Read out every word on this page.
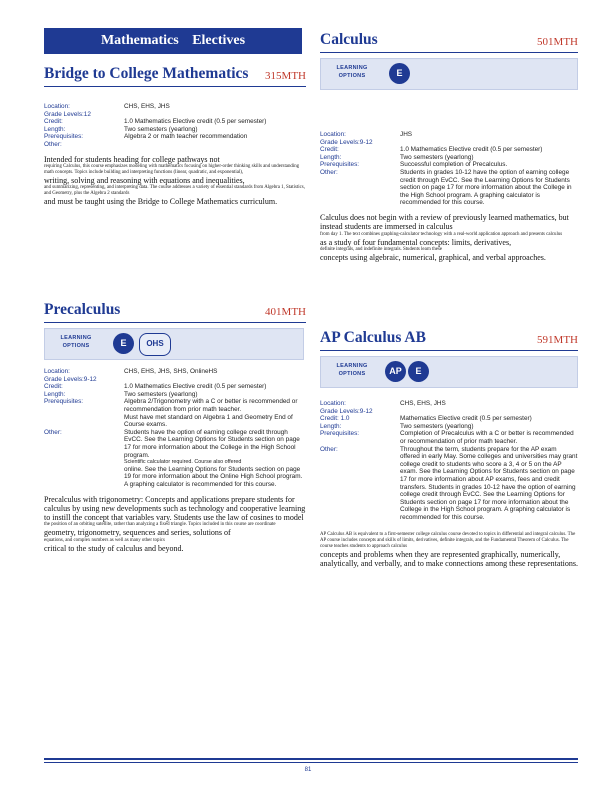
Mathematics Electives
Bridge to College Mathematics 315MTH
Location:	CHS, EHS, JHS
Grade Levels:12
Credit:	1.0 Mathematics Elective credit (0.5 per semester)
Length:	Two semesters (yearlong)
Prerequisites:	Algebra 2 or math teacher recommendation
Other:
Intended for students heading for college pathways not
requiring Calculus, this course emphasizes modeling with mathematics focusing on higher-order thinking skills and understanding math concepts. Topics include building and interpreting functions (linear, quadratic, and exponential),
writing, solving and reasoning with equations and inequalities,
and summarizing, representing, and interpreting data. The course addresses a variety of essential standards from Algebra 1, Statistics, and Geometry, plus the Algebra 2 standards
and must be taught using the Bridge to College Mathematics curriculum.
Precalculus	401MTH
LEARNING OPTIONS	E	OHS
Location:	CHS, EHS, JHS, SHS, OnlineHS
Grade Levels:9-12
Credit:	1.0 Mathematics Elective credit (0.5 per semester)
Length:	Two semesters (yearlong)
Prerequisites:	Algebra 2/Trigonometry with a C or better is recommended or recommendation from prior math teacher.
Must have met standard on Algebra 1 and Geometry End of Course exams.
Other:	Students have the option of earning college credit through EvCC. See the Learning Options for Students section on page 17 for more information about the College in the High School program.
Scientific calculator required. Course also offered
online. See the Learning Options for Students section on page 19 for more information about the Online High School program. A graphing calculator is recommended for this course.
Precalculus with trigonometry: Concepts and applications prepare students for calculus by using new developments such as technology and cooperative learning to instill the concept that variables vary. Students use the law of cosines to model
the position of an orbiting satellite, rather than analyzing a fixed triangle. Topics included in this course are coordinate
geometry, trigonometry, sequences and series, solutions of
equations, and complex numbers as well as many other topics
critical to the study of calculus and beyond.
Calculus	501MTH
LEARNING OPTIONS	E
Location:	JHS
Grade Levels:9-12
Credit:	1.0 Mathematics Elective credit (0.5 per semester)
Length:	Two semesters (yearlong)
Prerequisites:	Successful completion of Precalculus.
Other:	Students in grades 10-12 have the option of earning college credit through EvCC. See the Learning Options for Students section on page 17 for more information about the College in the High School program. A graphing calculator is recommended for this course.
Calculus does not begin with a review of previously learned mathematics, but instead students are immersed in calculus
from day 1. The text combines graphing-calculator technology with a real-world application approach and presents calculus
as a study of four fundamental concepts: limits, derivatives,
definite integrals, and indefinite integrals. Students learn these
concepts using algebraic, numerical, graphical, and verbal approaches.
AP Calculus AB	591MTH
LEARNING OPTIONS	AP	E
Location:	CHS, EHS, JHS
Grade Levels:9-12
Credit: 1.0	Mathematics Elective credit (0.5 per semester)
Length:	Two semesters (yearlong)
Prerequisites:	Completion of Precalculus with a C or better is recommended or recommendation of prior math teacher.
Other:	Throughout the term, students prepare for the AP exam offered in early May. Some colleges and universities may grant college credit to students who score a 3, 4 or 5 on the AP exam. See the Learning Options for Students section on page 17 for more information about AP exams, fees and credit transfers. Students in grades 10-12 have the option of earning college credit through EvCC. See the Learning Options for Students section on page 17 for more information about the College in the High School program. A graphing calculator is recommended for this course.
AP Calculus AB is equivalent to a first-semester college calculus course devoted to topics in differential and integral calculus. The AP course includes concepts and skills of limits, derivatives, definite integrals, and the Fundamental Theorem of Calculus. The course teaches students to approach calculus
concepts and problems when they are represented graphically, numerically, analytically, and verbally, and to make connections among these representations.
81
